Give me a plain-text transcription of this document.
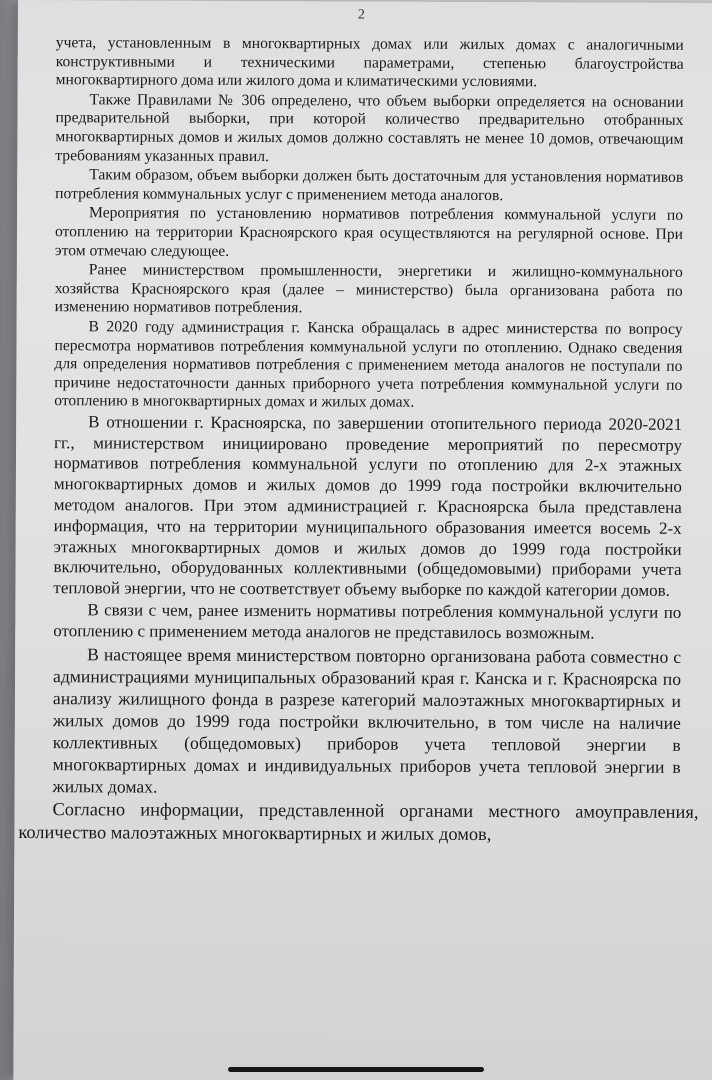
2

учета, установленным в многоквартирных домах или жилых домах с аналогичными конструктивными и техническими параметрами, степенью благоустройства многоквартирного дома или жилого дома и климатическими условиями.

Также Правилами № 306 определено, что объем выборки определяется на основании предварительной выборки, при которой количество предварительно отобранных многоквартирных домов и жилых домов должно составлять не менее 10 домов, отвечающим требованиям указанных правил.

Таким образом, объем выборки должен быть достаточным для установления нормативов потребления коммунальных услуг с применением метода аналогов.

Мероприятия по установлению нормативов потребления коммунальной услуги по отоплению на территории Красноярского края осуществляются на регулярной основе. При этом отмечаю следующее.

Ранее министерством промышленности, энергетики и жилищно-коммунального хозяйства Красноярского края (далее – министерство) была организована работа по изменению нормативов потребления.

В 2020 году администрация г. Канска обращалась в адрес министерства по вопросу пересмотра нормативов потребления коммунальной услуги по отоплению. Однако сведения для определения нормативов потребления с применением метода аналогов не поступали по причине недостаточности данных приборного учета потребления коммунальной услуги по отоплению в многоквартирных домах и жилых домах.

В отношении г. Красноярска, по завершении отопительного периода 2020-2021 гг., министерством инициировано проведение мероприятий по пересмотру нормативов потребления коммунальной услуги по отоплению для 2-х этажных многоквартирных домов и жилых домов до 1999 года постройки включительно методом аналогов. При этом администрацией г. Красноярска была представлена информация, что на территории муниципального образования имеется восемь 2-х этажных многоквартирных домов и жилых домов до 1999 года постройки включительно, оборудованных коллективными (общедомовыми) приборами учета тепловой энергии, что не соответствует объему выборке по каждой категории домов.

В связи с чем, ранее изменить нормативы потребления коммунальной услуги по отоплению с применением метода аналогов не представилось возможным.

В настоящее время министерством повторно организована работа совместно с администрациями муниципальных образований края г. Канска и г. Красноярска по анализу жилищного фонда в разрезе категорий малоэтажных многоквартирных и жилых домов до 1999 года постройки включительно, в том числе на наличие коллективных (общедомовых) приборов учета тепловой энергии в многоквартирных домах и индивидуальных приборов учета тепловой энергии в жилых домах.

Согласно информации, представленной органами местного амоуправления, количество малоэтажных многоквартирных и жилых домов,
